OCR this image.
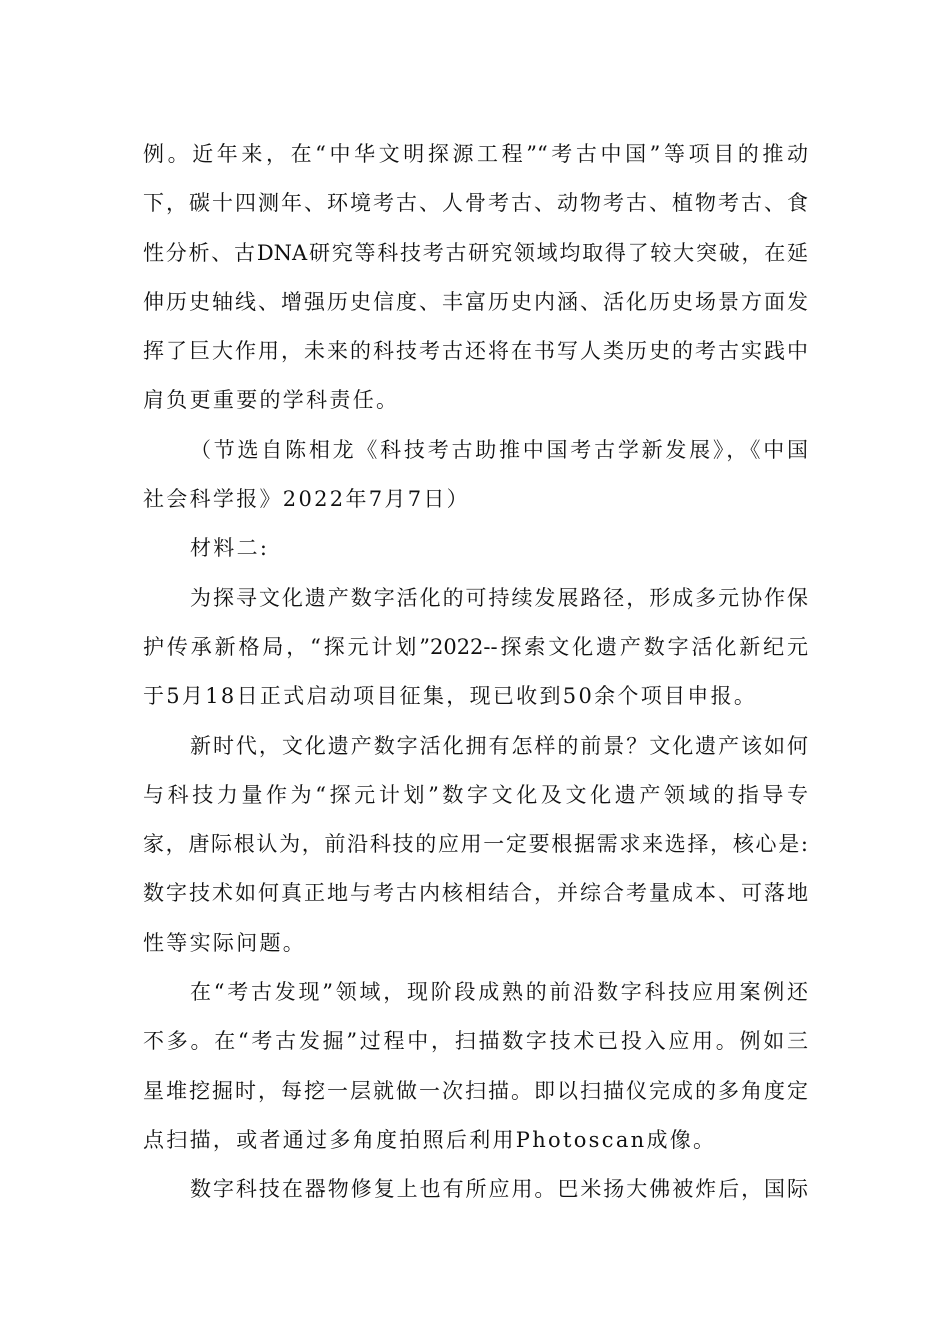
例。近年来，在“中华文明探源工程”“考古中国”等项目的推动
下，碳十四测年、环境考古、人骨考古、动物考古、植物考古、食
性分析、古DNA研究等科技考古研究领域均取得了较大突破，在延
伸历史轴线、增强历史信度、丰富历史内涵、活化历史场景方面发
挥了巨大作用，未来的科技考古还将在书写人类历史的考古实践中
肩负更重要的学科责任。
（节选自陈相龙《科技考古助推中国考古学新发展》，《中国
社会科学报》2022年7月7日）
材料二:
为探寻文化遗产数字活化的可持续发展路径，形成多元协作保
护传承新格局，“探元计划”2022--探索文化遗产数字活化新纪元
于5月18日正式启动项目征集，现已收到50余个项目申报。
新时代，文化遗产数字活化拥有怎样的前景？文化遗产该如何
与科技力量作为“探元计划”数字文化及文化遗产领域的指导专
家，唐际根认为，前沿科技的应用一定要根据需求来选择，核心是:
数字技术如何真正地与考古内核相结合，并综合考量成本、可落地
性等实际问题。
在“考古发现”领域，现阶段成熟的前沿数字科技应用案例还
不多。在“考古发掘”过程中，扫描数字技术已投入应用。例如三
星堆挖掘时，每挖一层就做一次扫描。即以扫描仪完成的多角度定
点扫描，或者通过多角度拍照后利用Photoscan成像。
数字科技在器物修复上也有所应用。巴米扬大佛被炸后，国际
